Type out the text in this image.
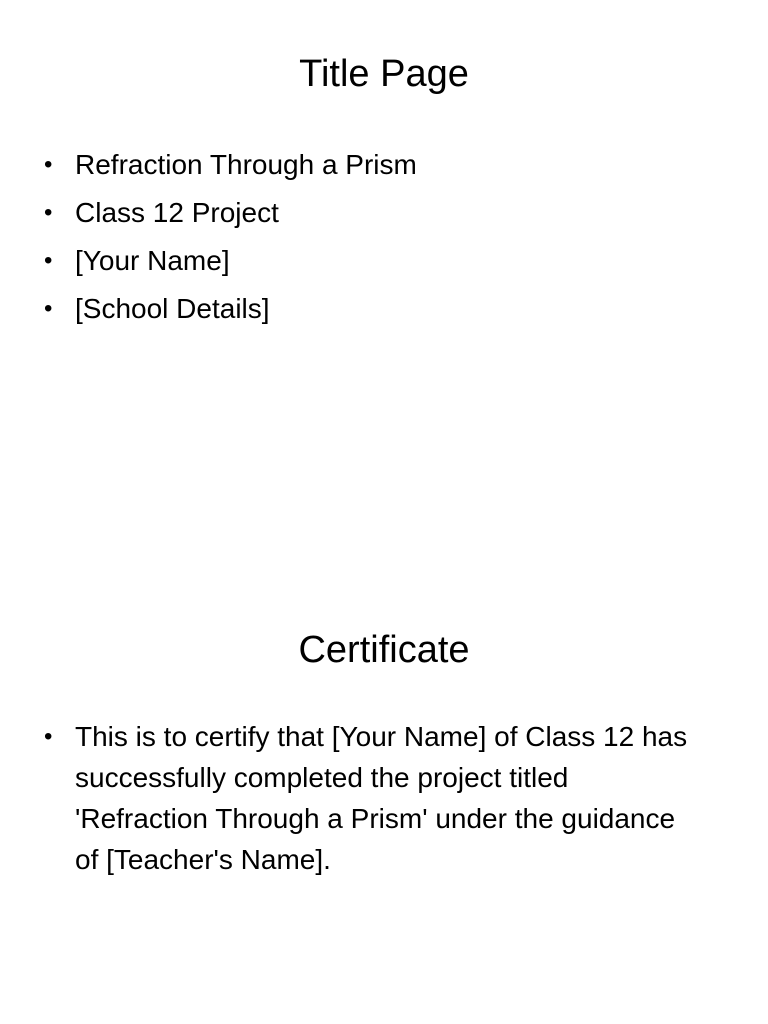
Title Page
• Refraction Through a Prism
• Class 12 Project
• [Your Name]
• [School Details]
Certificate
• This is to certify that [Your Name] of Class 12 has successfully completed the project titled 'Refraction Through a Prism' under the guidance of [Teacher's Name].
